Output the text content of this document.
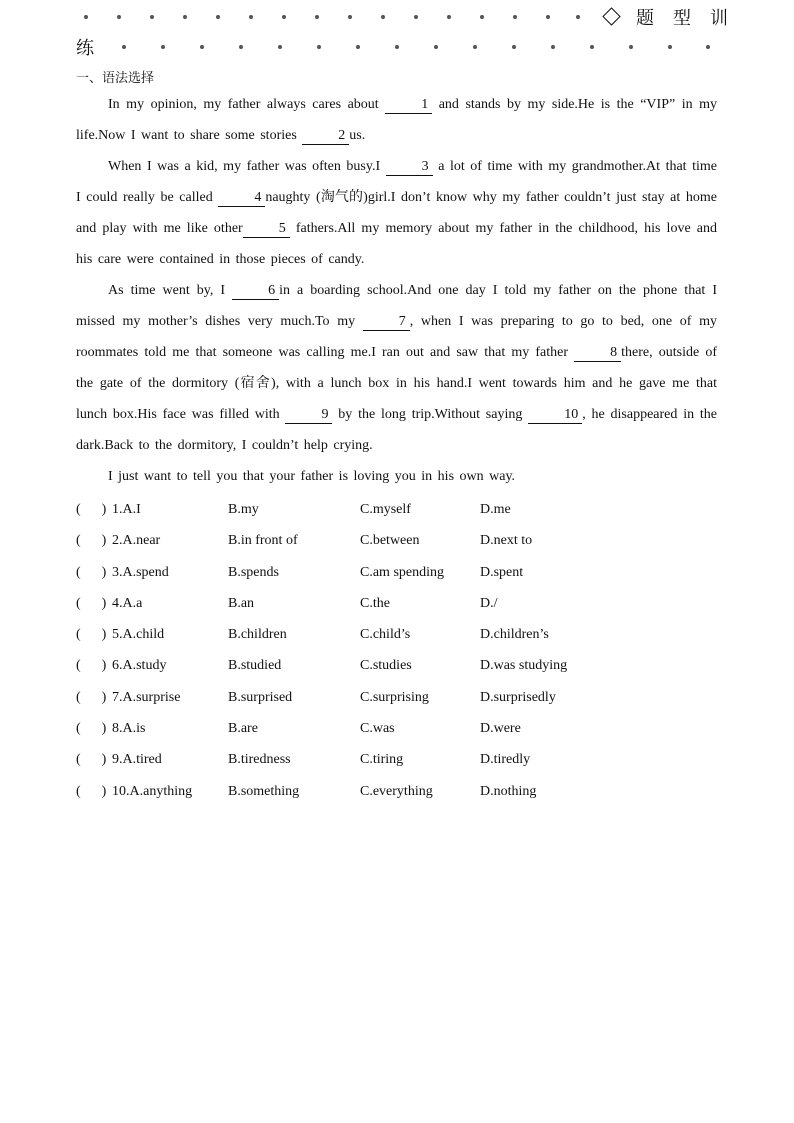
题型训
练
一、语法选择

In my opinion, my father always cares about	1 and stands by my side.He is the “VIP” in my life.Now I want to share some stories	2 us.

When I was a kid, my father was often busy.I	3 a lot of time with my grandmother.At that time I could really be called	4 naughty (淘气的)girl.I don’t know why my father couldn’t just stay at home and play with me like other	5 fathers.All my memory about my father in the childhood, his love and his care were contained in those pieces of candy.

As time went by, I	6 in a boarding school.And one day I told my father on the phone that I missed my mother’s dishes very much.To my	7 , when I was preparing to go to bed, one of my roommates told me that someone was calling me.I ran out and saw that my father	8 there, outside of the gate of the dormitory (宿舍), with a lunch box in his hand.I went towards him and he gave me that lunch box.His face was filled with	9 by the long trip.Without saying	10 , he disappeared in the dark.Back to the dormitory, I couldn’t help crying.

I just want to tell you that your father is loving you in his own way.

(      ) 1.A.I	B.my	C.myself	D.me
(      ) 2.A.near	B.in front of	C.between	D.next to
(      ) 3.A.spend	B.spends	C.am spending	D.spent
(      ) 4.A.a	B.an	C.the	D./
(      ) 5.A.child	B.children	C.child’s	D.children’s
(      ) 6.A.study	B.studied	C.studies	D.was studying
(      ) 7.A.surprise	B.surprised	C.surprising	D.surprisedly
(      ) 8.A.is	B.are	C.was	D.were
(      ) 9.A.tired	B.tiredness	C.tiring	D.tiredly
(      ) 10.A.anything	B.something	C.everything	D.nothing
